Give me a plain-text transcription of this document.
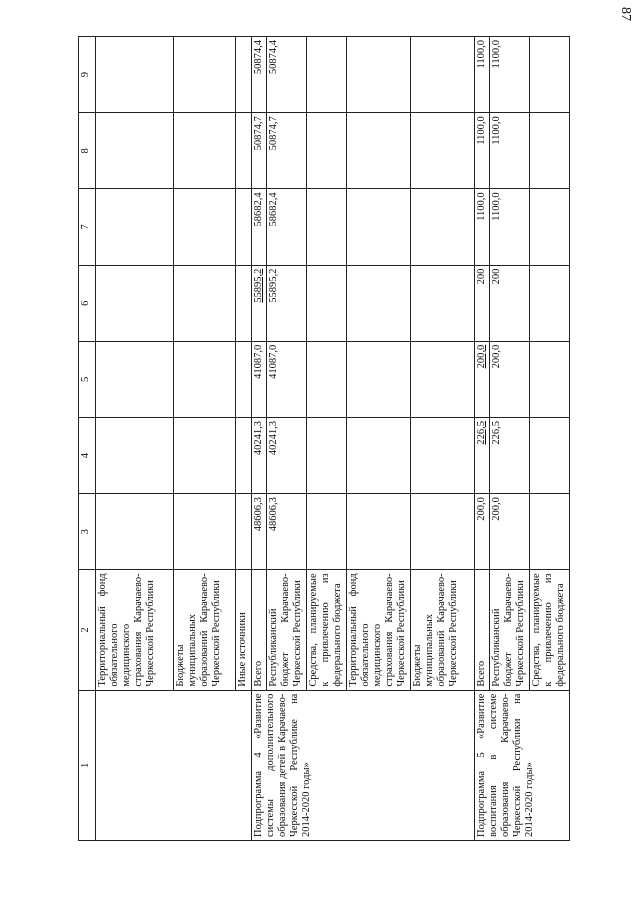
87
1	2	3	4	5	6	7	8	9
	Территориальный фонд обязательного медицинского страхования Карачаево-Черкесской Республики							
	Бюджеты муниципальных образований Карачаево-Черкесской Республики							
	Иные источники							
Подпрограмма 4 «Развитие системы дополнительного образования детей в Карачаево-Черкесской Республике на 2014-2020 годы»	Всего	48606,3	40241,3	41087,0	55895,2	58682,4	50874,7	50874,4
	Республиканский бюджет Карачаево-Черкесской Республики	48606,3	40241,3	41087,0	55895,2	58682,4	50874,7	50874,4
	Средства, планируемые к привлечению из федерального бюджета							
	Территориальный фонд обязательного медицинского страхования Карачаево-Черкесской Республики							
	Бюджеты муниципальных образований Карачаево-Черкесской Республики							
Подпрограмма 5 «Развитие воспитания в системе образования Карачаево-Черкесской Республики на 2014-2020 годы»	Всего	200,0	226,5	200,0	200	1100,0	1100,0	1100,0
	Республиканский бюджет Карачаево-Черкесской Республики	200,0	226,5	200,0	200	1100,0	1100,0	1100,0
	Средства, планируемые к привлечению из федерального бюджета							
